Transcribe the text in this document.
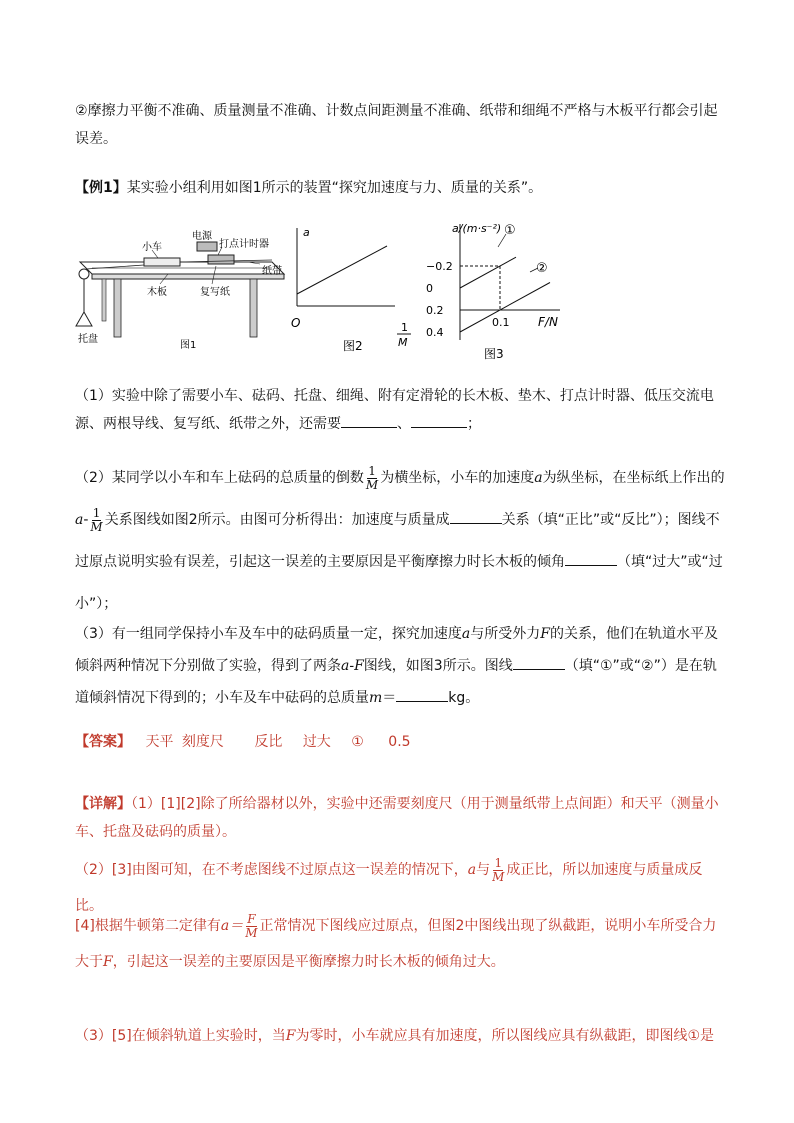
②摩擦力平衡不准确、质量测量不准确、计数点间距测量不准确、纸带和细绳不严格与木板平行都会引起误差。
【例1】某实验小组利用如图1所示的装置“探究加速度与力、质量的关系”。
电源
小车	打点计时器
纸带
木板	复写纸
托盘
图1
a
O	1
M
图2
0.4
0.2
0
−0.2
0.1
a/(m·s⁻²) ①
②
F/N
图3
（1）实验中除了需要小车、砝码、托盘、细绳、附有定滑轮的长木板、垫木、打点计时器、低压交流电源、两根导线、复写纸、纸带之外，还需要	、	；
（2）某同学以小车和车上砝码的总质量的倒数 $\frac{1}{M}$ 为横坐标，小车的加速度a为纵坐标，在坐标纸上作出的$a- \frac{1}{M}$ 关系图线如图2所示。由图可分析得出：加速度与质量成	关系（填“正比”或“反比”）；图线不过原点说明实验有误差，引起这一误差的主要原因是平衡摩擦力时长木板的倾角	（填“过大”或“过小”）；
（3）有一组同学保持小车及车中的砝码质量一定，探究加速度a与所受外力F的关系，他们在轨道水平及倾斜两种情况下分别做了实验，得到了两条a-F图线，如图3所示。图线	（填“①”或“②”）是在轨道倾斜情况下得到的；小车及车中砝码的总质量m＝	kg。
【答案】 天平 刻度尺 反比 过大 ① 0.5
【详解】（1）[1][2]除了所给器材以外，实验中还需要刻度尺（用于测量纸带上点间距）和天平（测量小车、托盘及砝码的质量）。
（2）[3]由图可知，在不考虑图线不过原点这一误差的情况下，a与 $\frac{1}{M}$ 成正比，所以加速度与质量成反比。
[4]根据牛顿第二定律有$a= \frac{F}{M}$ 正常情况下图线应过原点，但图2中图线出现了纵截距，说明小车所受合力大于F，引起这一误差的主要原因是平衡摩擦力时长木板的倾角过大。
（3）[5]在倾斜轨道上实验时，当F为零时，小车就应具有加速度，所以图线应具有纵截距，即图线①是
